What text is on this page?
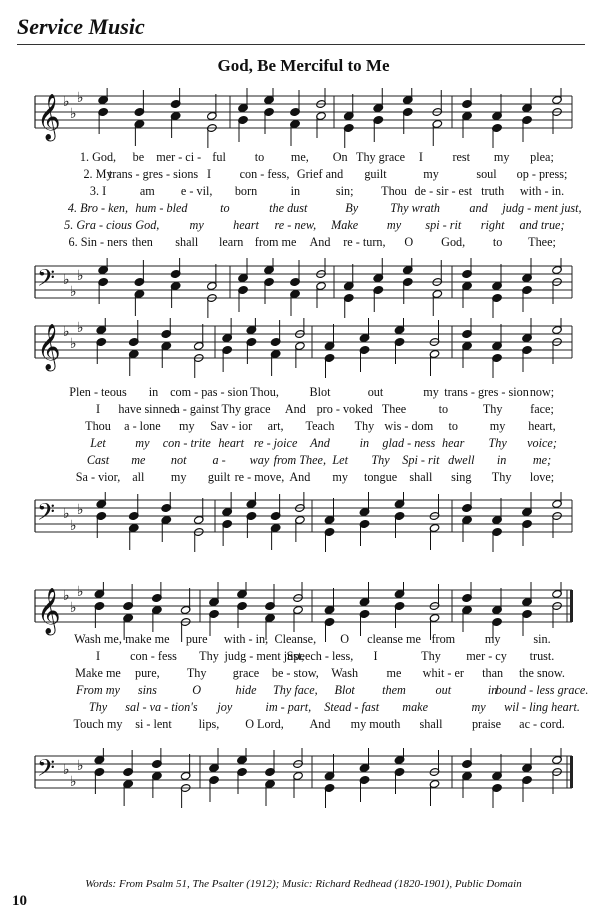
Service Music
God, Be Merciful to Me
𝄞 ♭
♭
♭
𝄢 ♭
♭
♭
𝄞 ♭
♭
♭
𝄢 ♭
♭
♭
𝄞 ♭
♭
♭
𝄢 ♭
♭
♭
1. God, be mer - ci - ful to me, On Thy grace I rest my plea;
2. My
trans - gres - sions I con - fess, Grief and guilt	my	soul op - press;
3. I	am e - vil, born	in	sin; Thou de - sir - est truth with - in.
4. Bro - ken, hum - bled	to	the dust	By	Thy wrath and judg - ment just,
5. Gra - cious God, my heart re - new, Make my spi - rit right and true;
6. Sin - ners then shall learn from me And re - turn, O God, to Thee;
Plen - teous in com - pas - sion Thou,	Blot	out	my trans - gres - sion now;
I have sinned
a - gainst Thy grace And pro - voked Thee	to	Thy face;
Thou a - lone my Sav - ior art, Teach Thy wis - dom to	my heart,
Let my con - trite heart re - joice And in glad - ness hear Thy voice;
Cast me not a - way from Thee, Let Thy Spi - rit dwell in me;
Sa - vior, all my guilt re - move, And my tongue shall sing Thy love;
Wash me, make me pure with - in, Cleanse, O cleanse me from my	sin.
I con - fess Thy judg - ment just,
Speech - less, I	Thy mer - cy trust.
Make me pure, Thy grace be - stow, Wash me whit - er than the snow.
From my sins	O	hide Thy face, Blot them out	in
bound - less grace.
Thy sal - va - tion's joy	im - part, Stead - fast make	my wil - ling heart.
Touch my si - lent lips, O Lord, And my mouth shall praise ac - cord.
Words: From Psalm 51, The Psalter (1912); Music: Richard Redhead (1820-1901), Public Domain
10
